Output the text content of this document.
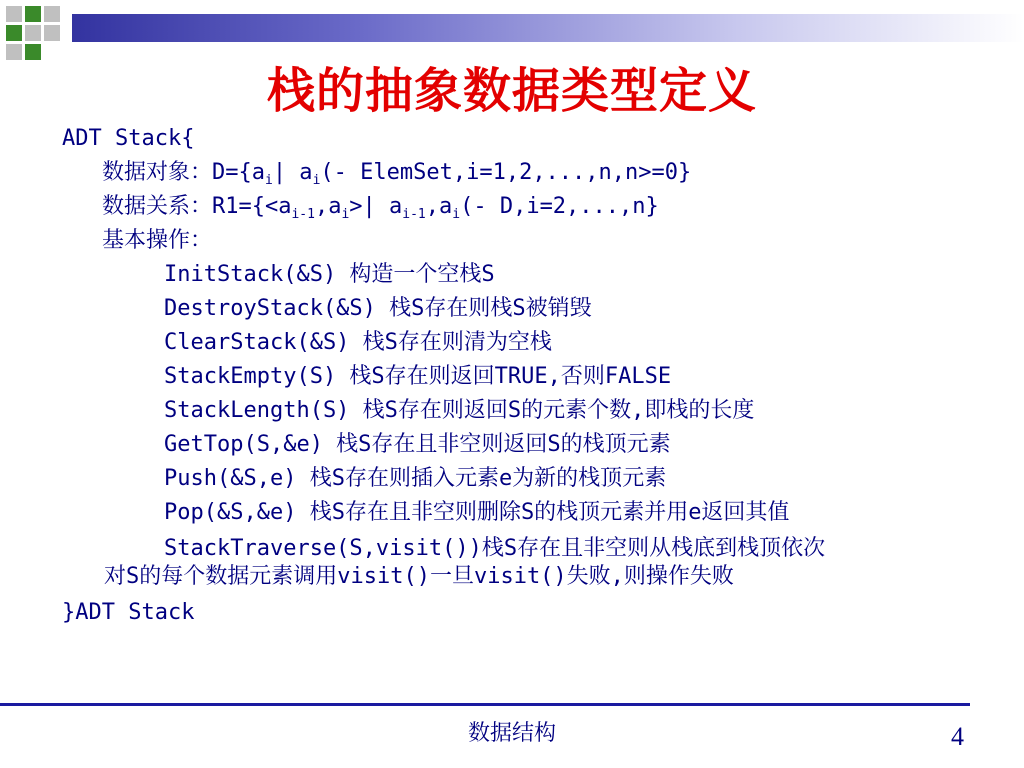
栈的抽象数据类型定义
ADT Stack{
数据对象：$D=\{a_i|$ $a_i(-$ ElemSet,i=1,2,...,n,n>=0}
数据关系：$R1=\{<a_{i-1},a_i>|$ $a_{i-1},a_i(-$ D,i=2,...,n}
基本操作：
InitStack(&S) 构造一个空栈S
DestroyStack(&S) 栈S存在则栈S被销毁
ClearStack(&S) 栈S存在则清为空栈
StackEmpty(S) 栈S存在则返回TRUE,否则FALSE
StackLength(S) 栈S存在则返回S的元素个数,即栈的长度
GetTop(S,&e) 栈S存在且非空则返回S的栈顶元素
Push(&S,e) 栈S存在则插入元素e为新的栈顶元素
Pop(&S,&e) 栈S存在且非空则删除S的栈顶元素并用e返回其值
StackTraverse(S,visit())栈S存在且非空则从栈底到栈顶依次
对S的每个数据元素调用visit()一旦visit()失败,则操作失败
}ADT Stack
数据结构	4
